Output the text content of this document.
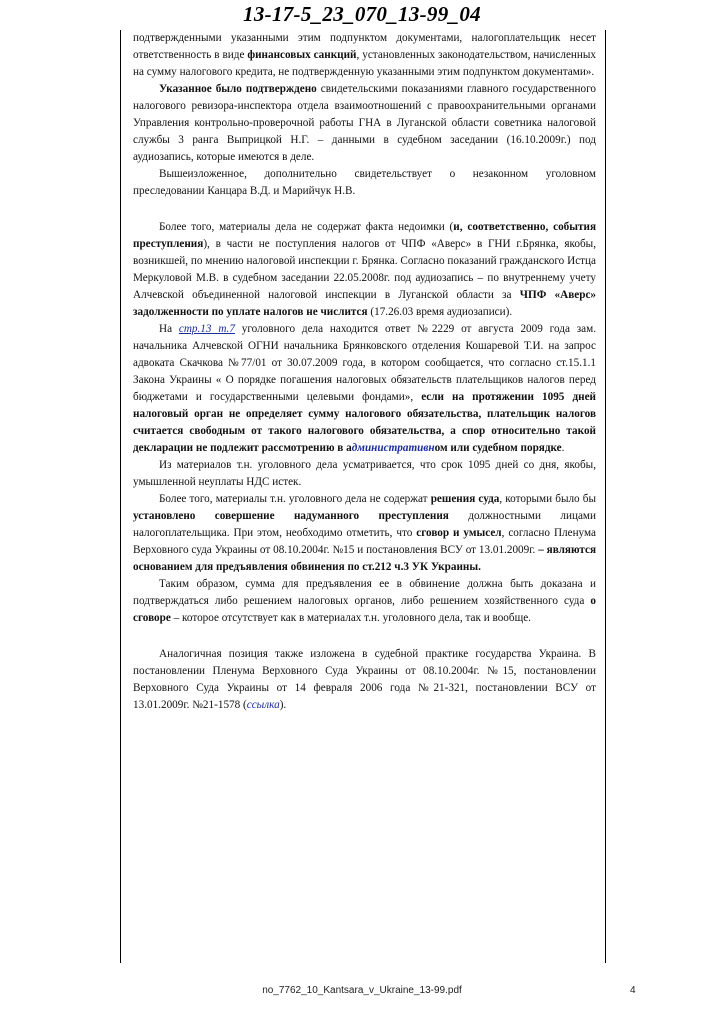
13-17-5_23_070_13-99_04

подтвержденными указанными этим подпунктом документами, налогоплательщик несет ответственность в виде финансовых санкций, установленных законодательством, начисленных на сумму налогового кредита, не подтвержденную указанными этим подпунктом документами».

Указанное было подтверждено свидетельскими показаниями главного государственного налогового ревизора-инспектора отдела взаимоотношений с правоохранительными органами Управления контрольно-проверочной работы ГНА в Луганской области советника налоговой службы 3 ранга Выприцкой Н.Г. – данными в судебном заседании (16.10.2009г.) под аудиозапись, которые имеются в деле.

Вышеизложенное, дополнительно свидетельствует о незаконном уголовном преследовании Канцара В.Д. и Марийчук Н.В.

Более того, материалы дела не содержат факта недоимки (и, соответственно, события преступления), в части не поступления налогов от ЧПФ «Аверс» в ГНИ г.Брянка, якобы, возникшей, по мнению налоговой инспекции г. Брянка. Согласно показаний гражданского Истца Меркуловой М.В. в судебном заседании 22.05.2008г. под аудиозапись – по внутреннему учету Алчевской объединенной налоговой инспекции в Луганской области за ЧПФ «Аверс» задолженности по уплате налогов не числится (17.26.03 время аудиозаписи).

На стр.13 т.7 уголовного дела находится ответ №2229 от августа 2009 года зам. начальника Алчевской ОГНИ начальника Брянковского отделения Кошаревой Т.И. на запрос адвоката Скачкова №77/01 от 30.07.2009 года, в котором сообщается, что согласно ст.15.1.1 Закона Украины « О порядке погашения налоговых обязательств плательщиков налогов перед бюджетами и государственными целевыми фондами», если на протяжении 1095 дней налоговый орган не определяет сумму налогового обязательства, плательщик налогов считается свободным от такого налогового обязательства, а спор относительно такой декларации не подлежит рассмотрению в административном или судебном порядке.

Из материалов т.н. уголовного дела усматривается, что срок 1095 дней со дня, якобы, умышленной неуплаты НДС истек.

Более того, материалы т.н. уголовного дела не содержат решения суда, которыми было бы установлено совершение надуманного преступления должностными лицами налогоплательщика. При этом, необходимо отметить, что сговор и умысел, согласно Пленума Верховного суда Украины от 08.10.2004г. №15 и постановления ВСУ от 13.01.2009г. – являются основанием для предъявления обвинения по ст.212 ч.3 УК Украины.

Таким образом, сумма для предъявления ее в обвинение должна быть доказана и подтверждаться либо решением налоговых органов, либо решением хозяйственного суда о сговоре – которое отсутствует как в материалах т.н. уголовного дела, так и вообще.

Аналогичная позиция также изложена в судебной практике государства Украина. В постановлении Пленума Верховного Суда Украины от 08.10.2004г. №15, постановлении Верховного Суда Украины от 14 февраля 2006 года №21-321, постановлении ВСУ от 13.01.2009г. №21-1578 (ссылка).

no_7762_10_Kantsara_v_Ukraine_13-99.pdf	4
